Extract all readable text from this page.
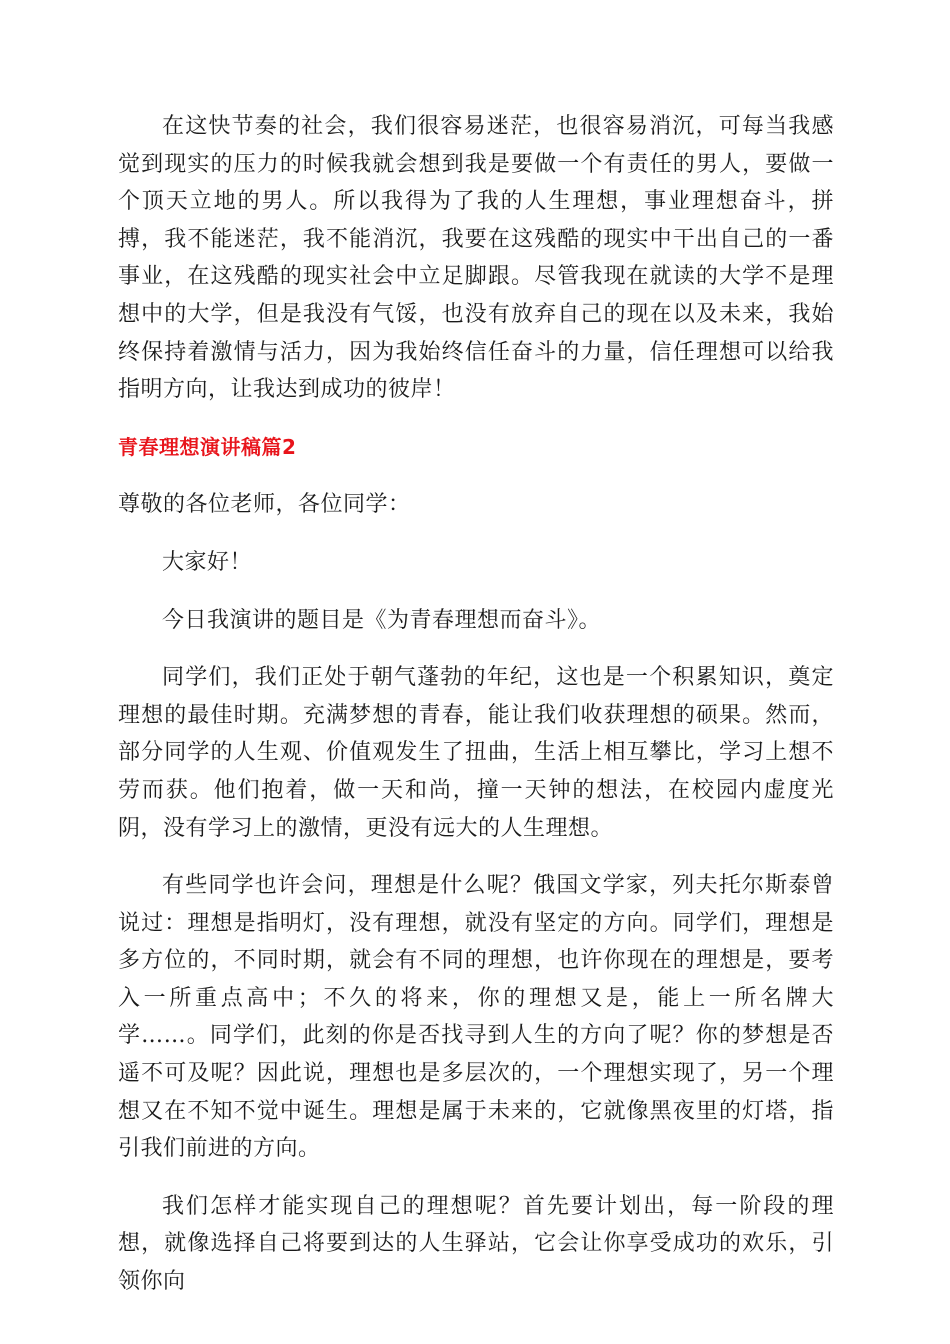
在这快节奏的社会，我们很容易迷茫，也很容易消沉，可每当我感觉到现实的压力的时候我就会想到我是要做一个有责任的男人，要做一个顶天立地的男人。所以我得为了我的人生理想，事业理想奋斗，拼搏，我不能迷茫，我不能消沉，我要在这残酷的现实中干出自己的一番事业，在这残酷的现实社会中立足脚跟。尽管我现在就读的大学不是理想中的大学，但是我没有气馁，也没有放弃自己的现在以及未来，我始终保持着激情与活力，因为我始终信任奋斗的力量，信任理想可以给我指明方向，让我达到成功的彼岸！

青春理想演讲稿篇2

尊敬的各位老师，各位同学：

大家好！

今日我演讲的题目是《为青春理想而奋斗》。

同学们，我们正处于朝气蓬勃的年纪，这也是一个积累知识，奠定理想的最佳时期。充满梦想的青春，能让我们收获理想的硕果。然而，部分同学的人生观、价值观发生了扭曲，生活上相互攀比，学习上想不劳而获。他们抱着，做一天和尚，撞一天钟的想法，在校园内虚度光阴，没有学习上的激情，更没有远大的人生理想。

有些同学也许会问，理想是什么呢？俄国文学家，列夫托尔斯泰曾说过：理想是指明灯，没有理想，就没有坚定的方向。同学们，理想是多方位的，不同时期，就会有不同的理想，也许你现在的理想是，要考入一所重点高中；不久的将来，你的理想又是，能上一所名牌大学……。同学们，此刻的你是否找寻到人生的方向了呢？你的梦想是否遥不可及呢？因此说，理想也是多层次的，一个理想实现了，另一个理想又在不知不觉中诞生。理想是属于未来的，它就像黑夜里的灯塔，指引我们前进的方向。

我们怎样才能实现自己的理想呢？首先要计划出，每一阶段的理想，就像选择自己将要到达的人生驿站，它会让你享受成功的欢乐，引领你向
